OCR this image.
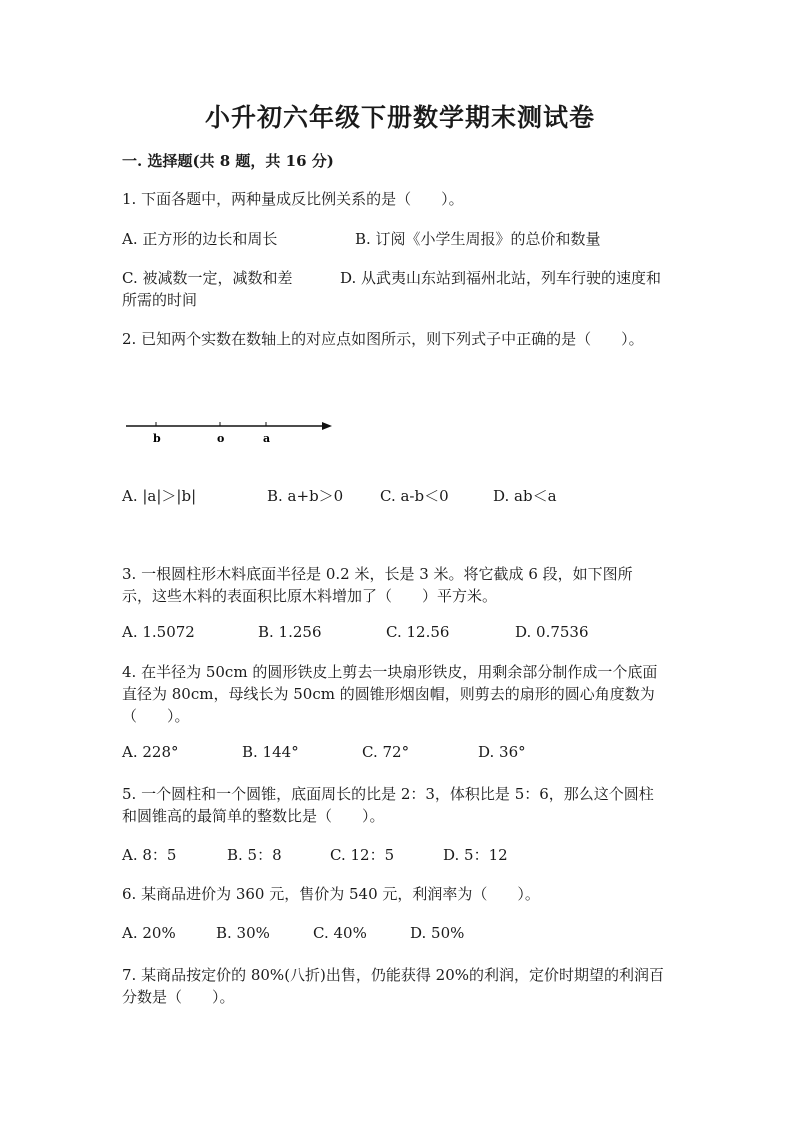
小升初六年级下册数学期末测试卷
一. 选择题(共 8 题，共 16 分)
1. 下面各题中，两种量成反比例关系的是（　　）。
A. 正方形的边长和周长	B. 订阅《小学生周报》的总价和数量
C. 被减数一定，减数和差	D. 从武夷山东站到福州北站，列车行驶的速度和
所需的时间
2. 已知两个实数在数轴上的对应点如图所示，则下列式子中正确的是（　　）。
b	o	a
A. |a|＞|b|	B. a+b＞0 C. a-b＜0	D. ab＜a
3. 一根圆柱形木料底面半径是 0.2 米，长是 3 米。将它截成 6 段，如下图所
示，这些木料的表面积比原木料增加了（　　）平方米。
A. 1.5072	B. 1.256	C. 12.56	D. 0.7536
4. 在半径为 50cm 的圆形铁皮上剪去一块扇形铁皮，用剩余部分制作成一个底面
直径为 80cm，母线长为 50cm 的圆锥形烟囱帽，则剪去的扇形的圆心角度数为
（　　）。
A. 228°	B. 144°	C. 72°	D. 36°
5. 一个圆柱和一个圆锥，底面周长的比是 2：3，体积比是 5：6，那么这个圆柱
和圆锥高的最简单的整数比是（　　）。
A. 8：5	B. 5：8	C. 12：5	D. 5：12
6. 某商品进价为 360 元，售价为 540 元，利润率为（　　）。
A. 20%	B. 30%	C. 40%	D. 50%
7. 某商品按定价的 80%(八折)出售，仍能获得 20%的利润，定价时期望的利润百
分数是（　　）。
